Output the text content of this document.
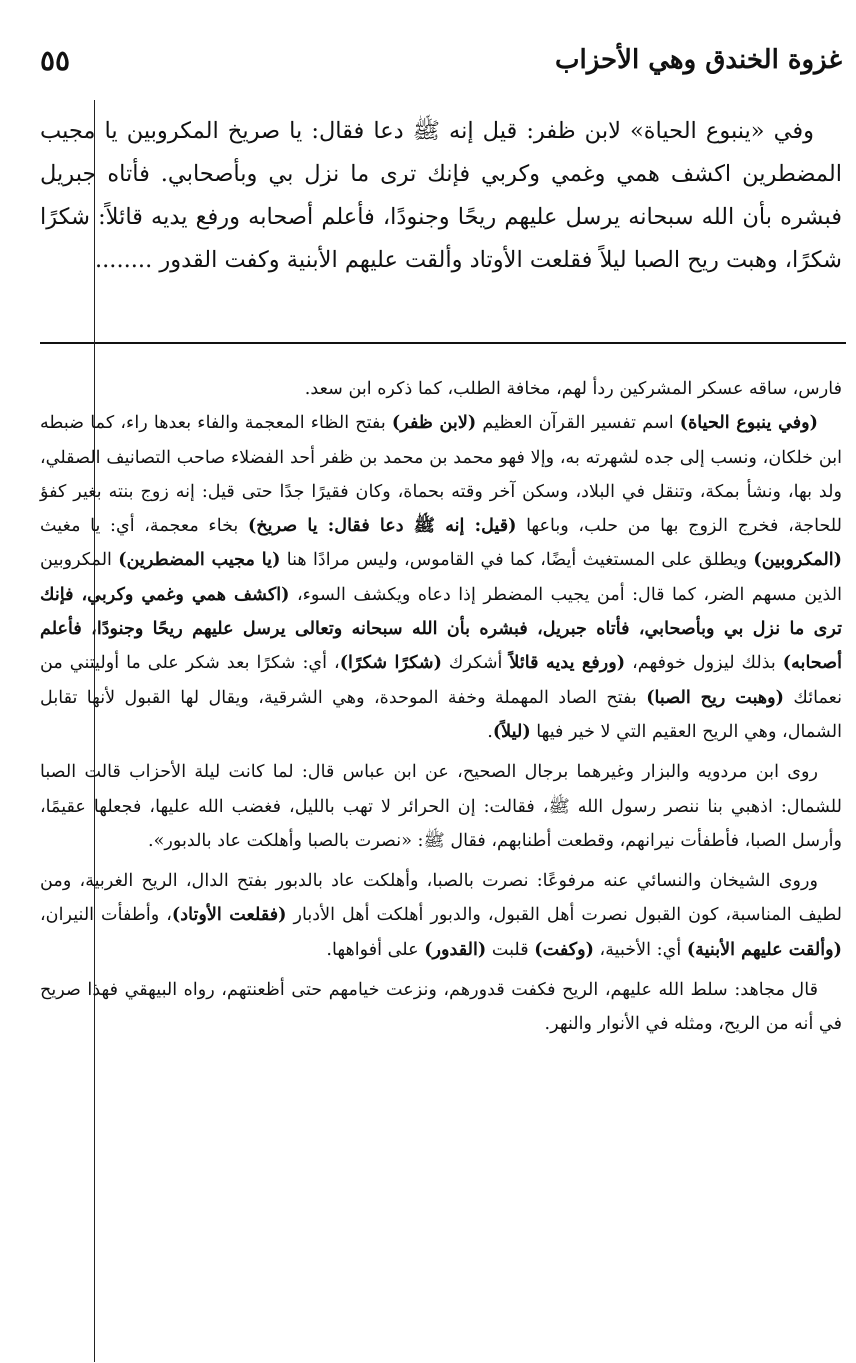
٥٥	غزوة الخندق وهي الأحزاب

وفي «ينبوع الحياة» لابن ظفر: قيل إنه ﷺ دعا فقال: يا صريخ المكروبين يا مجيب المضطرين اكشف همي وغمي وكربي فإنك ترى ما نزل بي وبأصحابي. فأتاه جبريل فبشره بأن الله سبحانه يرسل عليهم ريحًا وجنودًا، فأعلم أصحابه ورفع يديه قائلاً: شكرًا شكرًا، وهبت ريح الصبا ليلاً فقلعت الأوتاد وألقت عليهم الأبنية وكفت القدور ........

فارس، ساقه عسكر المشركين ردأ لهم، مخافة الطلب، كما ذكره ابن سعد.

(وفي ينبوع الحياة) اسم تفسير القرآن العظيم (لابن ظفر) بفتح الظاء المعجمة والفاء بعدها راء، كما ضبطه ابن خلكان، ونسب إلى جده لشهرته به، وإلا فهو محمد بن محمد بن ظفر أحد الفضلاء صاحب التصانيف الصقلي، ولد بها، ونشأ بمكة، وتنقل في البلاد، وسكن آخر وقته بحماة، وكان فقيرًا جدًا حتى قيل: إنه زوج بنته بغير كفؤ للحاجة، فخرج الزوج بها من حلب، وباعها (قيل: إنه ﷺ دعا فقال: يا صريخ) بخاء معجمة، أي: يا مغيث (المكروبين) ويطلق على المستغيث أيضًا، كما في القاموس، وليس مرادًا هنا (يا مجيب المضطرين) المكروبين الذين مسهم الضر، كما قال: أمن يجيب المضطر إذا دعاه ويكشف السوء، (اكشف همي وغمي وكربي، فإنك ترى ما نزل بي وبأصحابي، فأتاه جبريل، فبشره بأن الله سبحانه وتعالى يرسل عليهم ريحًا وجنودًا، فأعلم أصحابه) بذلك ليزول خوفهم، (ورفع يديه قائلاً أشكرك (شكرًا شكرًا)، أي: شكرًا بعد شكر على ما أوليتني من نعمائك (وهبت ريح الصبا) بفتح الصاد المهملة وخفة الموحدة، وهي الشرقية، ويقال لها القبول لأنها تقابل الشمال، وهي الريح العقيم التي لا خير فيها (ليلاً).

روى ابن مردويه والبزار وغيرهما برجال الصحيح، عن ابن عباس قال: لما كانت ليلة الأحزاب قالت الصبا للشمال: اذهبي بنا ننصر رسول الله ﷺ، فقالت: إن الحرائر لا تهب بالليل، فغضب الله عليها، فجعلها عقيمًا، وأرسل الصبا، فأطفأت نيرانهم، وقطعت أطنابهم، فقال ﷺ: «نصرت بالصبا وأهلكت عاد بالدبور».

وروى الشيخان والنسائي عنه مرفوعًا: نصرت بالصبا، وأهلكت عاد بالدبور بفتح الدال، الريح الغربية، ومن لطيف المناسبة، كون القبول نصرت أهل القبول، والدبور أهلكت أهل الأدبار (فقلعت الأوتاد)، وأطفأت النيران، (وألقت عليهم الأبنية) أي: الأخبية، (وكفت) قلبت (القدور) على أفواهها.

قال مجاهد: سلط الله عليهم، الريح فكفت قدورهم، ونزعت خيامهم حتى أظعنتهم، رواه البيهقي فهذا صريح في أنه من الريح، ومثله في الأنوار والنهر.
